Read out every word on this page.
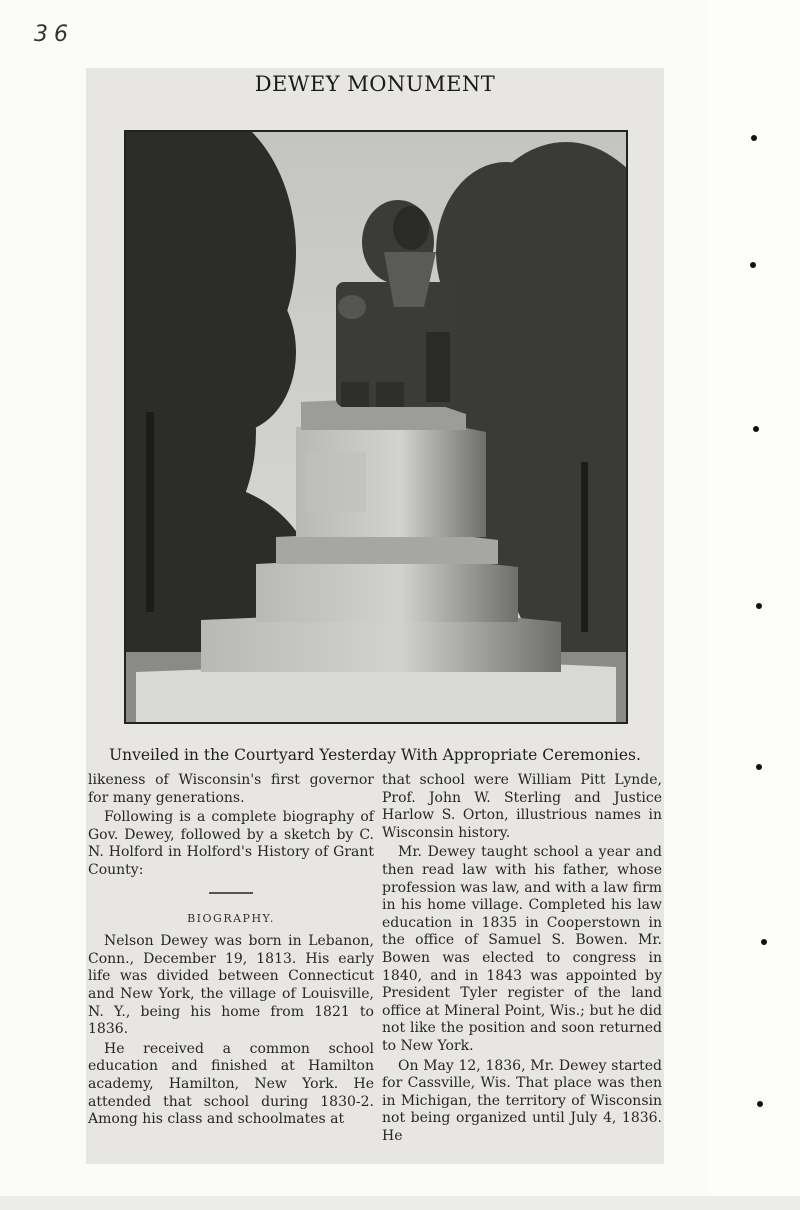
36
DEWEY MONUMENT
Unveiled in the Courtyard Yesterday With Appropriate Ceremonies.

likeness of Wisconsin's first governor for many generations.

Following is a complete biography of Gov. Dewey, followed by a sketch by C. N. Holford in Holford's History of Grant County:

BIOGRAPHY.

Nelson Dewey was born in Lebanon, Conn., December 19, 1813. His early life was divided between Connecticut and New York, the village of Louisville, N. Y., being his home from 1821 to 1836.

He received a common school education and finished at Hamilton academy, Hamilton, New York. He attended that school during 1830-2. Among his class and schoolmates at

that school were William Pitt Lynde, Prof. John W. Sterling and Justice Harlow S. Orton, illustrious names in Wisconsin history.

Mr. Dewey taught school a year and then read law with his father, whose profession was law, and with a law firm in his home village. Completed his law education in 1835 in Cooperstown in the office of Samuel S. Bowen. Mr. Bowen was elected to congress in 1840, and in 1843 was appointed by President Tyler register of the land office at Mineral Point, Wis.; but he did not like the position and soon returned to New York.

On May 12, 1836, Mr. Dewey started for Cassville, Wis. That place was then in Michigan, the territory of Wisconsin not being organized until July 4, 1836. He
